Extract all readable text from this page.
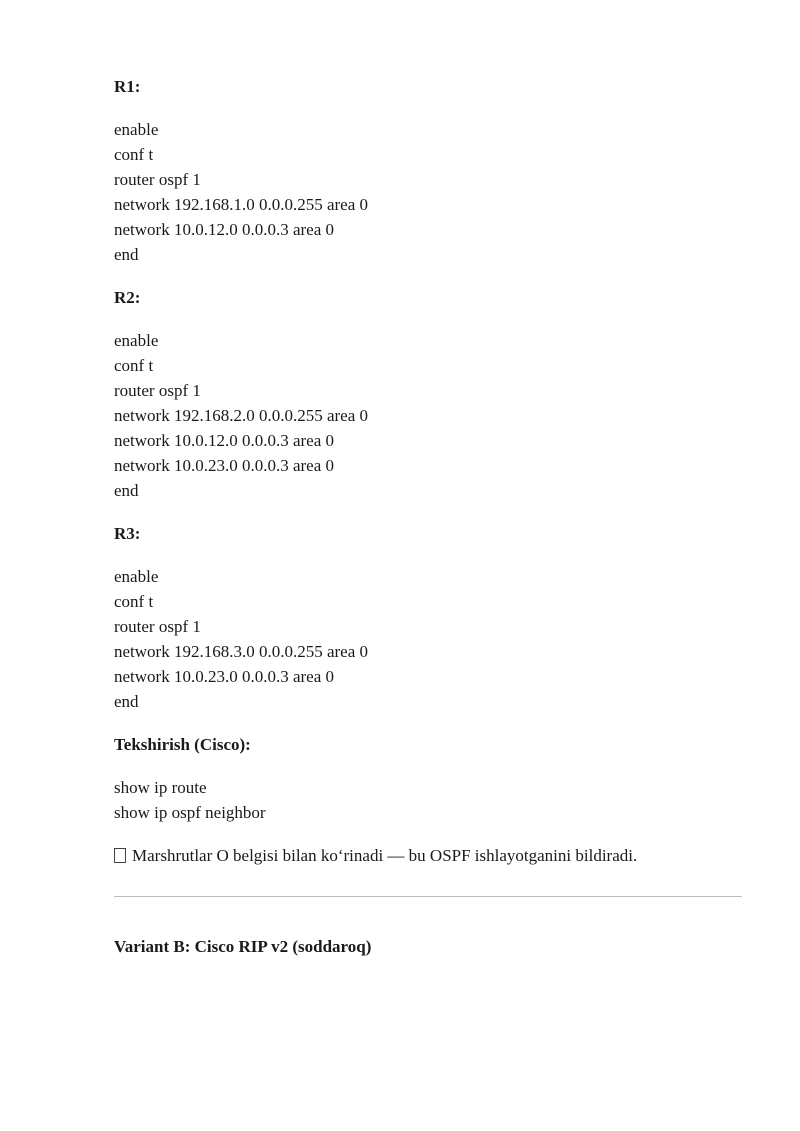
R1:
enable
conf t
router ospf 1
network 192.168.1.0 0.0.0.255 area 0
network 10.0.12.0 0.0.0.3 area 0
end
R2:
enable
conf t
router ospf 1
network 192.168.2.0 0.0.0.255 area 0
network 10.0.12.0 0.0.0.3 area 0
network 10.0.23.0 0.0.0.3 area 0
end
R3:
enable
conf t
router ospf 1
network 192.168.3.0 0.0.0.255 area 0
network 10.0.23.0 0.0.0.3 area 0
end
Tekshirish (Cisco):
show ip route
show ip ospf neighbor

Marshrutlar O belgisi bilan ko‘rinadi — bu OSPF ishlayotganini bildiradi.

Variant B: Cisco RIP v2 (soddaroq)
